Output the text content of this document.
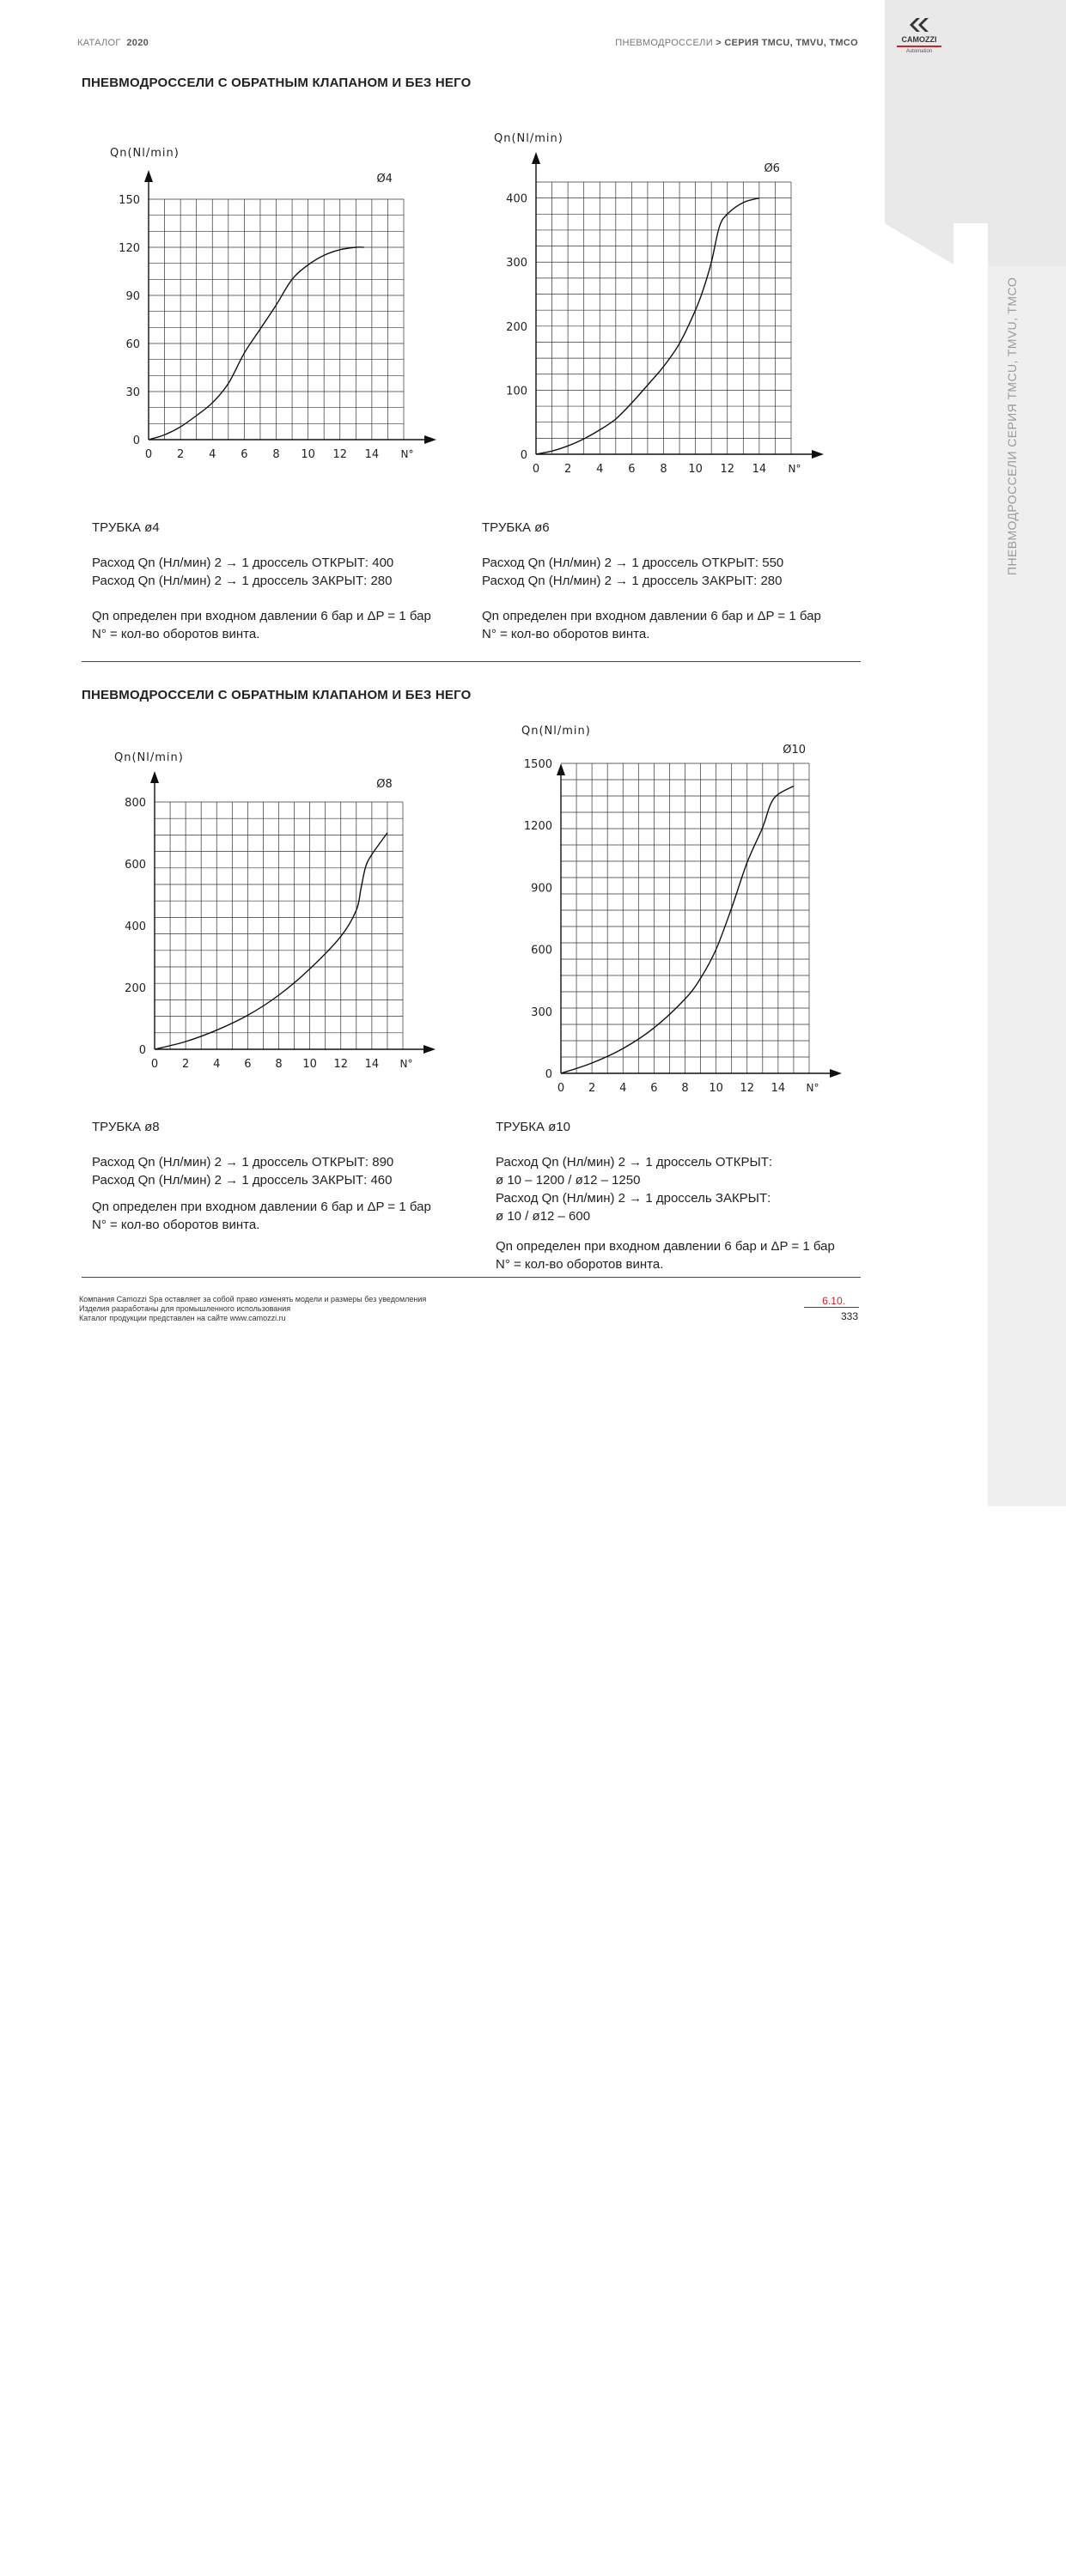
КАТАЛОГ 2020	ПНЕВМОДРОССЕЛИ > СЕРИЯ TMCU, TMVU, TMCO
ПНЕВМОДРОССЕЛИ СЕРИЯ TMCU, TMVU, TMCO
CAMOZZI
Automation
ПНЕВМОДРОССЕЛИ С ОБРАТНЫМ КЛАПАНОМ И БЕЗ НЕГО
ПНЕВМОДРОССЕЛИ С ОБРАТНЫМ КЛАПАНОМ И БЕЗ НЕГО
0 2 4 6 8 10 12 14 N°
0
30
60
90
120
150
Qn(Nl/min)
Ø4
0 2 4 6 8 10 12 14 N°
0
100
200
300
400
Qn(Nl/min)
Ø6
0 2 4 6 8 10 12 14 N°
0
200
400
600
800
Qn(Nl/min)
Ø8
0 2 4 6 8 10 12 14 N°
0
300
600
900
1200
1500
Qn(Nl/min)
Ø10
ТРУБКА ø4
Расход Qn (Нл/мин) 2 → 1 дроссель ОТКРЫТ: 400
Расход Qn (Нл/мин) 2 → 1 дроссель ЗАКРЫТ: 280
Qn определен при входном давлении 6 бар и ΔP = 1 бар
N° = кол-во оборотов винта.
ТРУБКА ø6
Расход Qn (Нл/мин) 2 → 1 дроссель ОТКРЫТ: 550
Расход Qn (Нл/мин) 2 → 1 дроссель ЗАКРЫТ: 280
Qn определен при входном давлении 6 бар и ΔP = 1 бар
N° = кол-во оборотов винта.
ТРУБКА ø8
Расход Qn (Нл/мин) 2 → 1 дроссель ОТКРЫТ: 890
Расход Qn (Нл/мин) 2 → 1 дроссель ЗАКРЫТ: 460
Qn определен при входном давлении 6 бар и ΔP = 1 бар
N° = кол-во оборотов винта.
ТРУБКА ø10
Расход Qn (Нл/мин) 2 → 1 дроссель ОТКРЫТ:
ø 10 – 1200 / ø12 – 1250
Расход Qn (Нл/мин) 2 → 1 дроссель ЗАКРЫТ:
ø 10 / ø12 – 600
Qn определен при входном давлении 6 бар и ΔP = 1 бар
N° = кол-во оборотов винта.
Компания Camozzi Spa оставляет за собой право изменять модели и размеры без уведомления
Изделия разработаны для промышленного использования
Каталог продукции представлен на сайте www.camozzi.ru
6.10.
333
